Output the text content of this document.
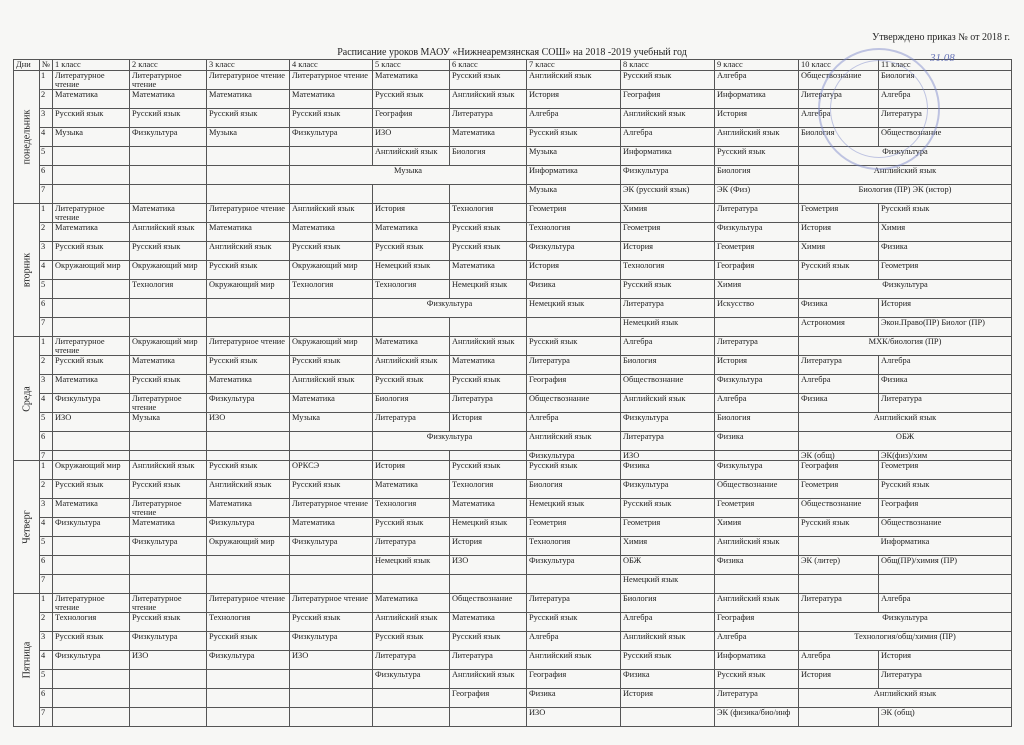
Утверждено приказ № от 2018 г.
Расписание уроков МАОУ «Нижнеаремзянская СОШ» на 2018 -2019 учебный год
Дни	№	1 класс	2 класс	3 класс	4 класс	5 класс	6 класс	7 класс	8 класс	9 класс	10 класс	11 класс

понедельник	1	Литературное чтение	Литературное чтение	Литературное чтение	Литературное чтение	Математика	Русский язык	Английский язык	Русский язык	Алгебра	Обществознание	Биология
	2	Математика	Математика	Математика	Математика	Русский язык	Английский язык	История	География	Информатика	Литература	Алгебра
	3	Русский язык	Русский язык	Русский язык	Русский язык	География	Литература	Алгебра	Английский язык	История	Алгебра	Литература
	4	Музыка	Физкультура	Музыка	Физкультура	ИЗО	Математика	Русский язык	Алгебра	Английский язык	Биология	Обществознание
	5					Английский язык	Биология	Музыка	Информатика	Русский язык	Физкультура	
	6				Музыка			Информатика	Физкультура	Биология	Английский язык	
	7							Музыка	ЭК (русский язык)	ЭК (Физ)	Биология (ПР) ЭК (истор)	

вторник	1	Литературное чтение	Математика	Литературное чтение	Английский язык	История	Технология	Геометрия	Химия	Литература	Геометрия	Русский язык
	2	Математика	Английский язык	Математика	Математика	Математика	Русский язык	Технология	Геометрия	Физкультура	История	Химия
	3	Русский язык	Русский язык	Английский язык	Русский язык	Русский язык	Русский язык	Физкультура	История	Геометрия	Химия	Физика
	4	Окружающий мир	Окружающий мир	Русский язык	Окружающий мир	Немецкий язык	Математика	История	Технология	География	Русский язык	Геометрия
	5		Технология	Окружающий мир	Технология	Технология	Немецкий язык	Физика	Русский язык	Химия	Физкультура	
	6					Физкультура		Немецкий язык	Литература	Искусство	Физика	История
	7								Немецкий язык		Астрономия	Экон.Право(ПР) Биолог (ПР)

Среда	1	Литературное чтение	Окружающий мир	Литературное чтение	Окружающий мир	Математика	Английский язык	Русский язык	Алгебра	Литература	МХК/биология (ПР)	
	2	Русский язык	Математика	Русский язык	Русский язык	Английский язык	Математика	Литература	Биология	История	Литература	Алгебра
	3	Математика	Русский язык	Математика	Английский язык	Русский язык	Русский язык	География	Обществознание	Физкультура	Алгебра	Физика
	4	Физкультура	Литературное чтение	Физкультура	Математика	Биология	Литература	Обществознание	Английский язык	Алгебра	Физика	Литература
	5	ИЗО	Музыка	ИЗО	Музыка	Литература	История	Алгебра	Физкультура	Биология	Английский язык	
	6					Физкультура		Английский язык	Литература	Физика	ОБЖ	
	7							Физкультура	ИЗО		ЭК (общ)	ЭК(физ)/хим

Четверг	1	Окружающий мир	Английский язык	Русский язык	ОРКСЭ	История	Русский язык	Русский язык	Физика	Физкультура	География	Геометрия
	2	Русский язык	Русский язык	Английский язык	Русский язык	Математика	Технология	Биология	Физкультура	Обществознание	Геометрия	Русский язык
	3	Математика	Литературное чтение	Математика	Литературное чтение	Технология	Математика	Немецкий язык	Русский язык	Геометрия	Обществознание	География
	4	Физкультура	Математика	Физкультура	Математика	Русский язык	Немецкий язык	Геометрия	Геометрия	Химия	Русский язык	Обществознание
	5		Физкультура	Окружающий мир	Физкультура	Литература	История	Технология	Химия	Английский язык	Информатика	
	6					Немецкий язык	ИЗО	Физкультура	ОБЖ	Физика	ЭК (литер)	Общ(ПР)/химия (ПР)
	7								Немецкий язык			

Пятница	1	Литературное чтение	Литературное чтение	Литературное чтение	Литературное чтение	Математика	Обществознание	Литература	Биология	Английский язык	Литература	Алгебра
	2	Технология	Русский язык	Технология	Русский язык	Английский язык	Математика	Русский язык	Алгебра	География	Физкультура	
	3	Русский язык	Физкультура	Русский язык	Физкультура	Русский язык	Русский язык	Алгебра	Английский язык	Алгебра	Технология/общ/химия (ПР)	
	4	Физкультура	ИЗО	Физкультура	ИЗО	Литература	Литература	Английский язык	Русский язык	Информатика	Алгебра	История
	5					Физкультура	Английский язык	География	Физика	Русский язык	История	Литература
	6						География	Физика	История	Литература	Английский язык	
	7							ИЗО		ЭК (физика/био/инф		ЭК (общ)
31.08
